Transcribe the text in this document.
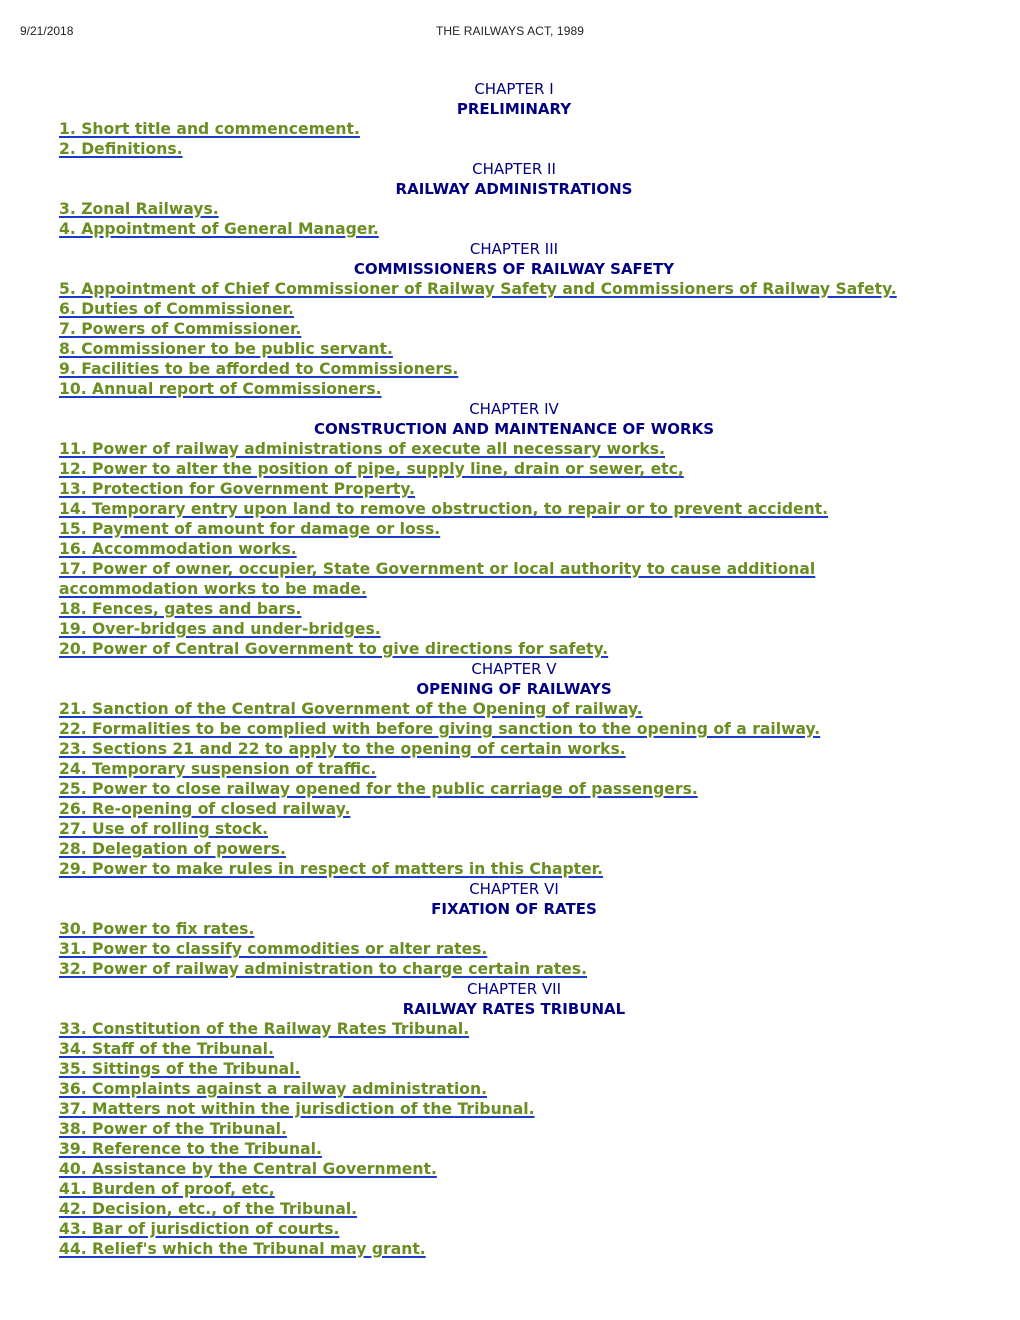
9/21/2018	THE RAILWAYS ACT, 1989
CHAPTER I
PRELIMINARY
1. Short title and commencement.
2. Definitions.
CHAPTER II
RAILWAY ADMINISTRATIONS
3. Zonal Railways.
4. Appointment of General Manager.
CHAPTER III
COMMISSIONERS OF RAILWAY SAFETY
5. Appointment of Chief Commissioner of Railway Safety and Commissioners of Railway Safety.
6. Duties of Commissioner.
7. Powers of Commissioner.
8. Commissioner to be public servant.
9. Facilities to be afforded to Commissioners.
10. Annual report of Commissioners.
CHAPTER IV
CONSTRUCTION AND MAINTENANCE OF WORKS
11. Power of railway administrations of execute all necessary works.
12. Power to alter the position of pipe, supply line, drain or sewer, etc,
13. Protection for Government Property.
14. Temporary entry upon land to remove obstruction, to repair or to prevent accident.
15. Payment of amount for damage or loss.
16. Accommodation works.
17. Power of owner, occupier, State Government or local authority to cause additional accommodation works to be made.
18. Fences, gates and bars.
19. Over-bridges and under-bridges.
20. Power of Central Government to give directions for safety.
CHAPTER V
OPENING OF RAILWAYS
21. Sanction of the Central Government of the Opening of railway.
22. Formalities to be complied with before giving sanction to the opening of a railway.
23. Sections 21 and 22 to apply to the opening of certain works.
24. Temporary suspension of traffic.
25. Power to close railway opened for the public carriage of passengers.
26. Re-opening of closed railway.
27. Use of rolling stock.
28. Delegation of powers.
29. Power to make rules in respect of matters in this Chapter.
CHAPTER VI
FIXATION OF RATES
30. Power to fix rates.
31. Power to classify commodities or alter rates.
32. Power of railway administration to charge certain rates.
CHAPTER VII
RAILWAY RATES TRIBUNAL
33. Constitution of the Railway Rates Tribunal.
34. Staff of the Tribunal.
35. Sittings of the Tribunal.
36. Complaints against a railway administration.
37. Matters not within the jurisdiction of the Tribunal.
38. Power of the Tribunal.
39. Reference to the Tribunal.
40. Assistance by the Central Government.
41. Burden of proof, etc,
42. Decision, etc., of the Tribunal.
43. Bar of jurisdiction of courts.
44. Relief's which the Tribunal may grant.
